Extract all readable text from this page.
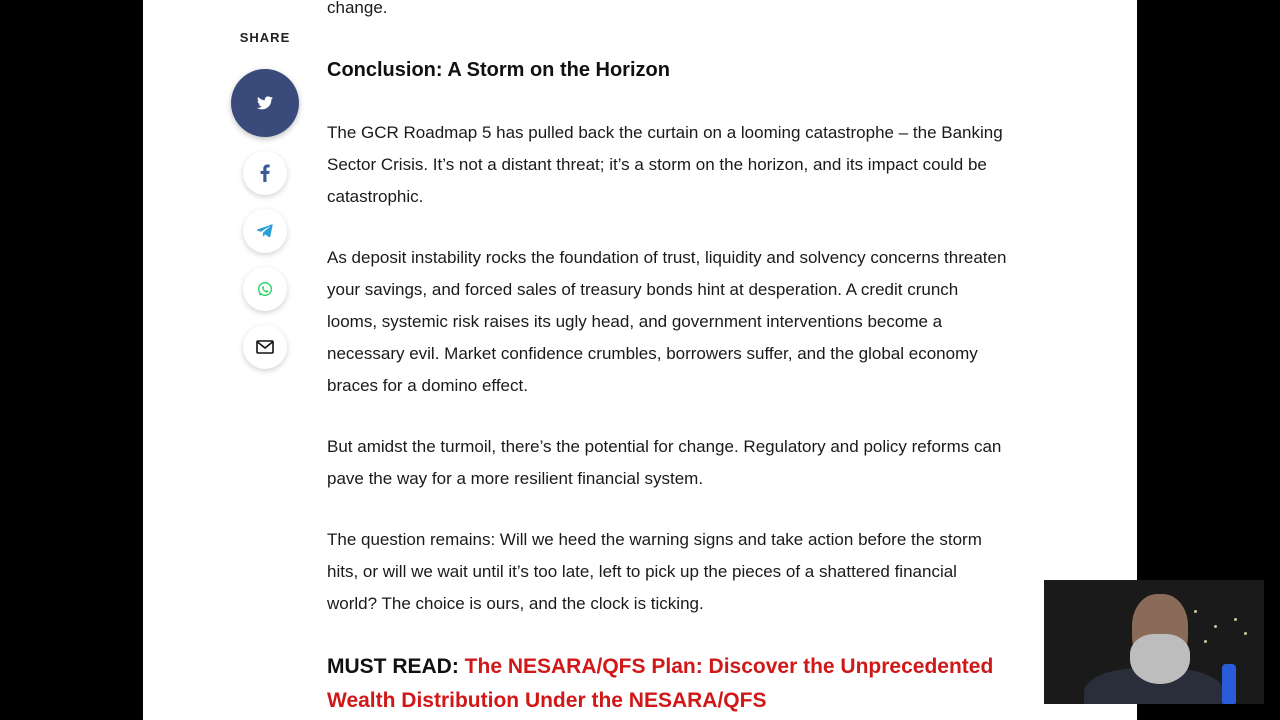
SHARE

change.

Conclusion: A Storm on the Horizon

The GCR Roadmap 5 has pulled back the curtain on a looming catastrophe – the Banking Sector Crisis. It’s not a distant threat; it’s a storm on the horizon, and its impact could be catastrophic.

As deposit instability rocks the foundation of trust, liquidity and solvency concerns threaten your savings, and forced sales of treasury bonds hint at desperation. A credit crunch looms, systemic risk raises its ugly head, and government interventions become a necessary evil. Market confidence crumbles, borrowers suffer, and the global economy braces for a domino effect.

But amidst the turmoil, there’s the potential for change. Regulatory and policy reforms can pave the way for a more resilient financial system.

The question remains: Will we heed the warning signs and take action before the storm hits, or will we wait until it’s too late, left to pick up the pieces of a shattered financial world? The choice is ours, and the clock is ticking.

MUST READ: The NESARA/QFS Plan: Discover the Unprecedented Wealth Distribution Under the NESARA/QFS
